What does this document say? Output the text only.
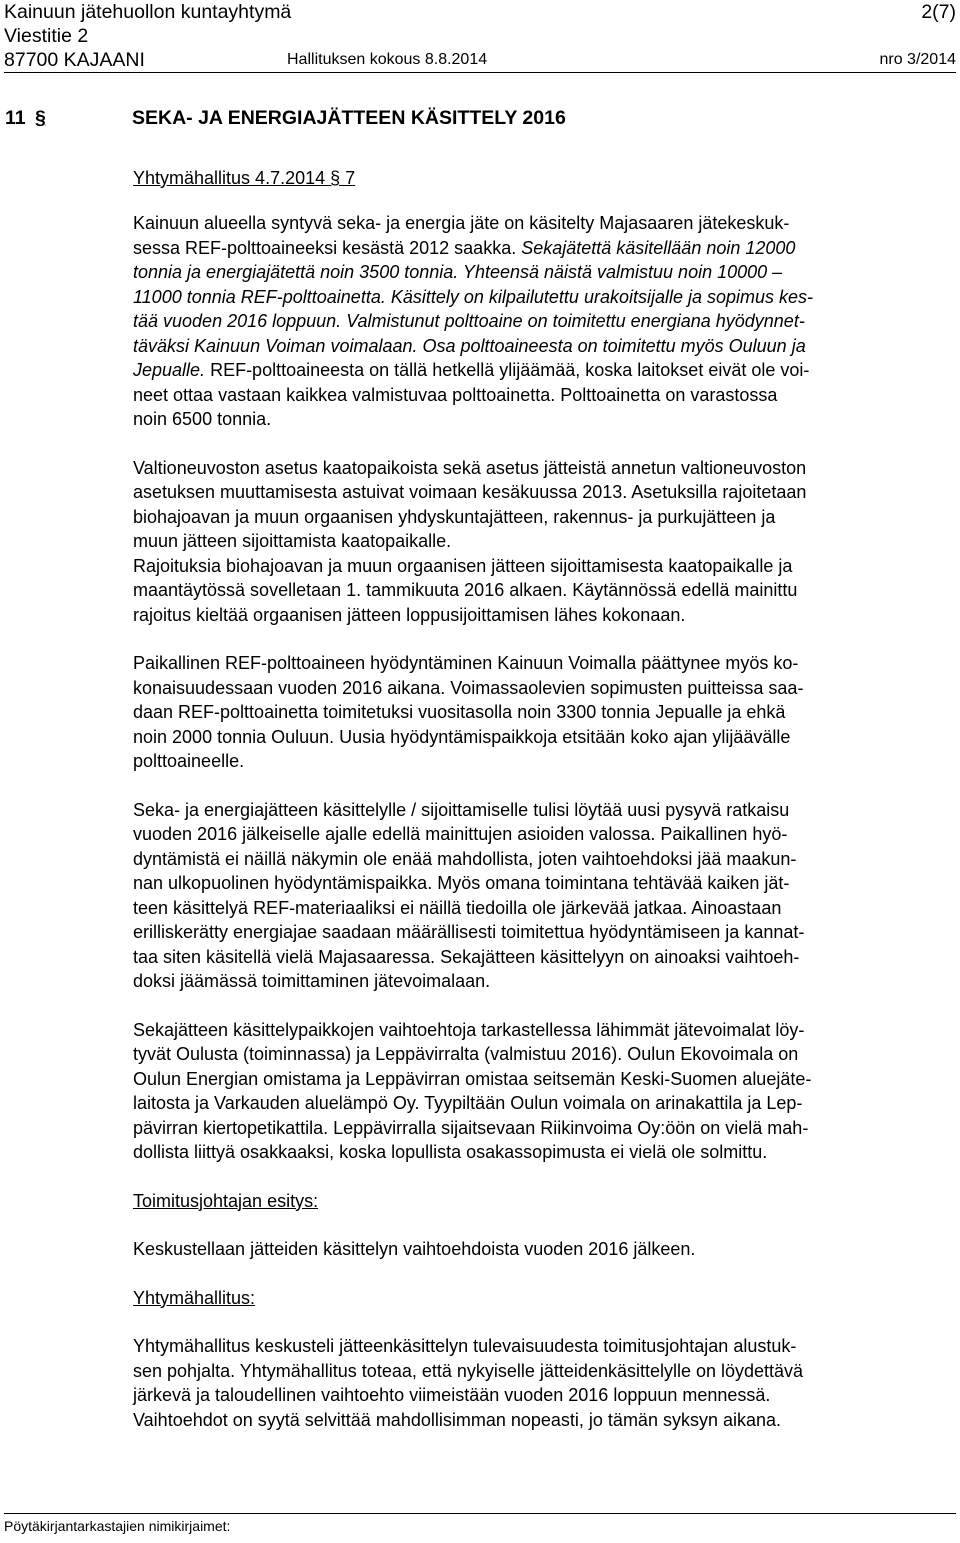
Kainuun jätehuollon kuntayhtymä	2(7)
Viestitie 2
87700 KAJAANI	Hallituksen kokous 8.8.2014	nro 3/2014
11 §	SEKA- JA ENERGIAJÄTTEEN KÄSITTELY 2016
Yhtymähallitus 4.7.2014 § 7

Kainuun alueella syntyvä seka- ja energia jäte on käsitelty Majasaaren jätekeskuk-
sessa REF-polttoaineeksi kesästä 2012 saakka. Sekajätettä käsitellään noin 12000
tonnia ja energiajätettä noin 3500 tonnia. Yhteensä näistä valmistuu noin 10000 –
11000 tonnia REF-polttoainetta. Käsittely on kilpailutettu urakoitsijalle ja sopimus kes-
tää vuoden 2016 loppuun. Valmistunut polttoaine on toimitettu energiana hyödynnet-
täväksi Kainuun Voiman voimalaan. Osa polttoaineesta on toimitettu myös Ouluun ja
Jepualle. REF-polttoaineesta on tällä hetkellä ylijäämää, koska laitokset eivät ole voi-
neet ottaa vastaan kaikkea valmistuvaa polttoainetta. Polttoainetta on varastossa
noin 6500 tonnia.

Valtioneuvoston asetus kaatopaikoista sekä asetus jätteistä annetun valtioneuvoston
asetuksen muuttamisesta astuivat voimaan kesäkuussa 2013. Asetuksilla rajoitetaan
biohajoavan ja muun orgaanisen yhdyskuntajätteen, rakennus- ja purkujätteen ja
muun jätteen sijoittamista kaatopaikalle.

Rajoituksia biohajoavan ja muun orgaanisen jätteen sijoittamisesta kaatopaikalle ja
maantäytössä sovelletaan 1. tammikuuta 2016 alkaen. Käytännössä edellä mainittu
rajoitus kieltää orgaanisen jätteen loppusijoittamisen lähes kokonaan.

Paikallinen REF-polttoaineen hyödyntäminen Kainuun Voimalla päättynee myös ko-
konaisuudessaan vuoden 2016 aikana. Voimassaolevien sopimusten puitteissa saa-
daan REF-polttoainetta toimitetuksi vuositasolla noin 3300 tonnia Jepualle ja ehkä
noin 2000 tonnia Ouluun. Uusia hyödyntämispaikkoja etsitään koko ajan ylijäävälle
polttoaineelle.

Seka- ja energiajätteen käsittelylle / sijoittamiselle tulisi löytää uusi pysyvä ratkaisu
vuoden 2016 jälkeiselle ajalle edellä mainittujen asioiden valossa. Paikallinen hyö-
dyntämistä ei näillä näkymin ole enää mahdollista, joten vaihtoehdoksi jää maakun-
nan ulkopuolinen hyödyntämispaikka. Myös omana toimintana tehtävää kaiken jät-
teen käsittelyä REF-materiaaliksi ei näillä tiedoilla ole järkevää jatkaa. Ainoastaan
erilliskerätty energiajae saadaan määrällisesti toimitettua hyödyntämiseen ja kannat-
taa siten käsitellä vielä Majasaaressa. Sekajätteen käsittelyyn on ainoaksi vaihtoeh-
doksi jäämässä toimittaminen jätevoimalaan.

Sekajätteen käsittelypaikkojen vaihtoehtoja tarkastellessa lähimmät jätevoimalat löy-
tyvät Oulusta (toiminnassa) ja Leppävirralta (valmistuu 2016). Oulun Ekovoimala on
Oulun Energian omistama ja Leppävirran omistaa seitsemän Keski-Suomen aluejäte-
laitosta ja Varkauden aluelämpö Oy. Tyypiltään Oulun voimala on arinakattila ja Lep-
pävirran kiertopetikattila. Leppävirralla sijaitsevaan Riikinvoima Oy:öön on vielä mah-
dollista liittyä osakkaaksi, koska lopullista osakassopimusta ei vielä ole solmittu.

Toimitusjohtajan esitys:

Keskustellaan jätteiden käsittelyn vaihtoehdoista vuoden 2016 jälkeen.

Yhtymähallitus:

Yhtymähallitus keskusteli jätteenkäsittelyn tulevaisuudesta toimitusjohtajan alustuk-
sen pohjalta. Yhtymähallitus toteaa, että nykyiselle jätteidenkäsittelylle on löydettävä
järkevä ja taloudellinen vaihtoehto viimeistään vuoden 2016 loppuun mennessä.
Vaihtoehdot on syytä selvittää mahdollisimman nopeasti, jo tämän syksyn aikana.

Pöytäkirjantarkastajien nimikirjaimet:
